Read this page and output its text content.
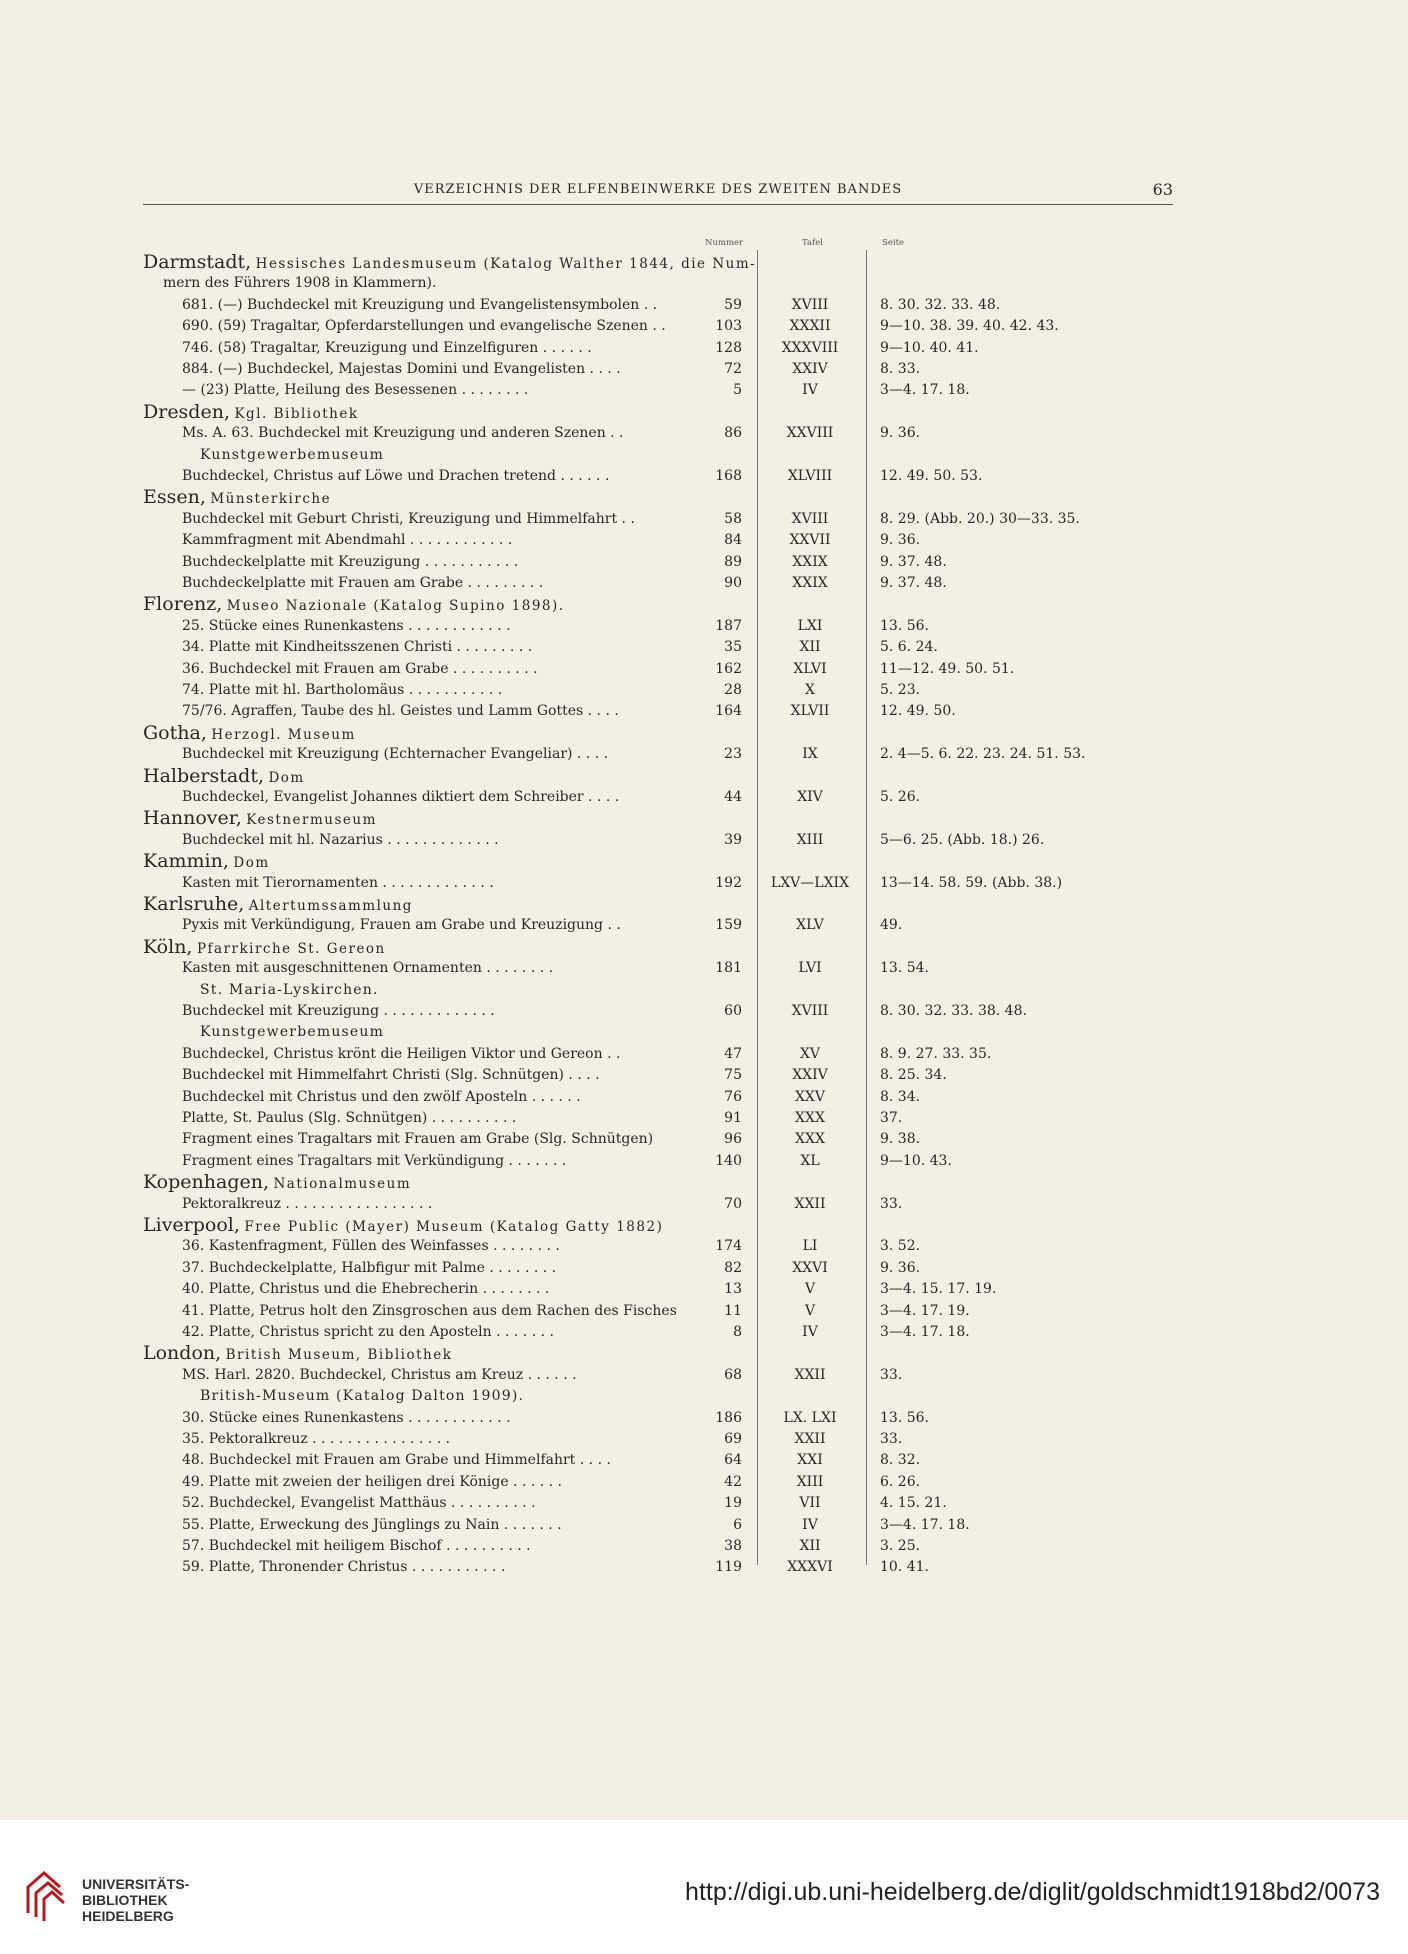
VERZEICHNIS DER ELFENBEINWERKE DES ZWEITEN BANDES	63
Nummer	Tafel	Seite
Darmstadt, Hessisches Landesmuseum (Katalog Walther 1844, die Num-
mern des Führers 1908 in Klammern).
681. (—) Buchdeckel mit Kreuzigung und Evangelistensymbolen . .	59	XVIII	8. 30. 32. 33. 48.
690. (59) Tragaltar, Opferdarstellungen und evangelische Szenen . .	103	XXXII	9—10. 38. 39. 40. 42. 43.
746. (58) Tragaltar, Kreuzigung und Einzelfiguren . . . . . .	128	XXXVIII	9—10. 40. 41.
884. (—) Buchdeckel, Majestas Domini und Evangelisten . . . .	72	XXIV	8. 33.
— (23) Platte, Heilung des Besessenen . . . . . . . .	5	IV	3—4. 17. 18.
Dresden, Kgl. Bibliothek
Ms. A. 63. Buchdeckel mit Kreuzigung und anderen Szenen . .	86	XXVIII	9. 36.
Kunstgewerbemuseum
Buchdeckel, Christus auf Löwe und Drachen tretend . . . . . .	168	XLVIII	12. 49. 50. 53.
Essen, Münsterkirche
Buchdeckel mit Geburt Christi, Kreuzigung und Himmelfahrt . .	58	XVIII	8. 29. (Abb. 20.) 30—33. 35.
Kammfragment mit Abendmahl . . . . . . . . . . . .	84	XXVII	9. 36.
Buchdeckelplatte mit Kreuzigung . . . . . . . . . . .	89	XXIX	9. 37. 48.
Buchdeckelplatte mit Frauen am Grabe . . . . . . . . .	90	XXIX	9. 37. 48.
Florenz, Museo Nazionale (Katalog Supino 1898).
25. Stücke eines Runenkastens . . . . . . . . . . . .	187	LXI	13. 56.
34. Platte mit Kindheitsszenen Christi . . . . . . . . .	35	XII	5. 6. 24.
36. Buchdeckel mit Frauen am Grabe . . . . . . . . . .	162	XLVI	11—12. 49. 50. 51.
74. Platte mit hl. Bartholomäus . . . . . . . . . . .	28	X	5. 23.
75/76. Agraffen, Taube des hl. Geistes und Lamm Gottes . . . .	164	XLVII	12. 49. 50.
Gotha, Herzogl. Museum
Buchdeckel mit Kreuzigung (Echternacher Evangeliar) . . . .	23	IX	2. 4—5. 6. 22. 23. 24. 51. 53.
Halberstadt, Dom
Buchdeckel, Evangelist Johannes diktiert dem Schreiber . . . .	44	XIV	5. 26.
Hannover, Kestnermuseum
Buchdeckel mit hl. Nazarius . . . . . . . . . . . . .	39	XIII	5—6. 25. (Abb. 18.) 26.
Kammin, Dom
Kasten mit Tierornamenten . . . . . . . . . . . . .	192	LXV—LXIX	13—14. 58. 59. (Abb. 38.)
Karlsruhe, Altertumssammlung
Pyxis mit Verkündigung, Frauen am Grabe und Kreuzigung . .	159	XLV	49.
Köln, Pfarrkirche St. Gereon
Kasten mit ausgeschnittenen Ornamenten . . . . . . . .	181	LVI	13. 54.
St. Maria-Lyskirchen.
Buchdeckel mit Kreuzigung . . . . . . . . . . . . .	60	XVIII	8. 30. 32. 33. 38. 48.
Kunstgewerbemuseum
Buchdeckel, Christus krönt die Heiligen Viktor und Gereon . .	47	XV	8. 9. 27. 33. 35.
Buchdeckel mit Himmelfahrt Christi (Slg. Schnütgen) . . . .	75	XXIV	8. 25. 34.
Buchdeckel mit Christus und den zwölf Aposteln . . . . . .	76	XXV	8. 34.
Platte, St. Paulus (Slg. Schnütgen) . . . . . . . . . .	91	XXX	37.
Fragment eines Tragaltars mit Frauen am Grabe (Slg. Schnütgen)	96	XXX	9. 38.
Fragment eines Tragaltars mit Verkündigung . . . . . . .	140	XL	9—10. 43.
Kopenhagen, Nationalmuseum
Pektoralkreuz . . . . . . . . . . . . . . . . .	70	XXII	33.
Liverpool, Free Public (Mayer) Museum (Katalog Gatty 1882)
36. Kastenfragment, Füllen des Weinfasses . . . . . . . .	174	LI	3. 52.
37. Buchdeckelplatte, Halbfigur mit Palme . . . . . . . .	82	XXVI	9. 36.
40. Platte, Christus und die Ehebrecherin . . . . . . . .	13	V	3—4. 15. 17. 19.
41. Platte, Petrus holt den Zinsgroschen aus dem Rachen des Fisches	11	V	3—4. 17. 19.
42. Platte, Christus spricht zu den Aposteln . . . . . . .	8	IV	3—4. 17. 18.
London, British Museum, Bibliothek
MS. Harl. 2820. Buchdeckel, Christus am Kreuz . . . . . .	68	XXII	33.
British-Museum (Katalog Dalton 1909).
30. Stücke eines Runenkastens . . . . . . . . . . . .	186	LX. LXI	13. 56.
35. Pektoralkreuz . . . . . . . . . . . . . . . .	69	XXII	33.
48. Buchdeckel mit Frauen am Grabe und Himmelfahrt . . . .	64	XXI	8. 32.
49. Platte mit zweien der heiligen drei Könige . . . . . .	42	XIII	6. 26.
52. Buchdeckel, Evangelist Matthäus . . . . . . . . . .	19	VII	4. 15. 21.
55. Platte, Erweckung des Jünglings zu Nain . . . . . . .	6	IV	3—4. 17. 18.
57. Buchdeckel mit heiligem Bischof . . . . . . . . . .	38	XII	3. 25.
59. Platte, Thronender Christus . . . . . . . . . . .	119	XXXVI	10. 41.
UNIVERSITÄTS-
BIBLIOTHEK
HEIDELBERG
http://digi.ub.uni-heidelberg.de/diglit/goldschmidt1918bd2/0073
